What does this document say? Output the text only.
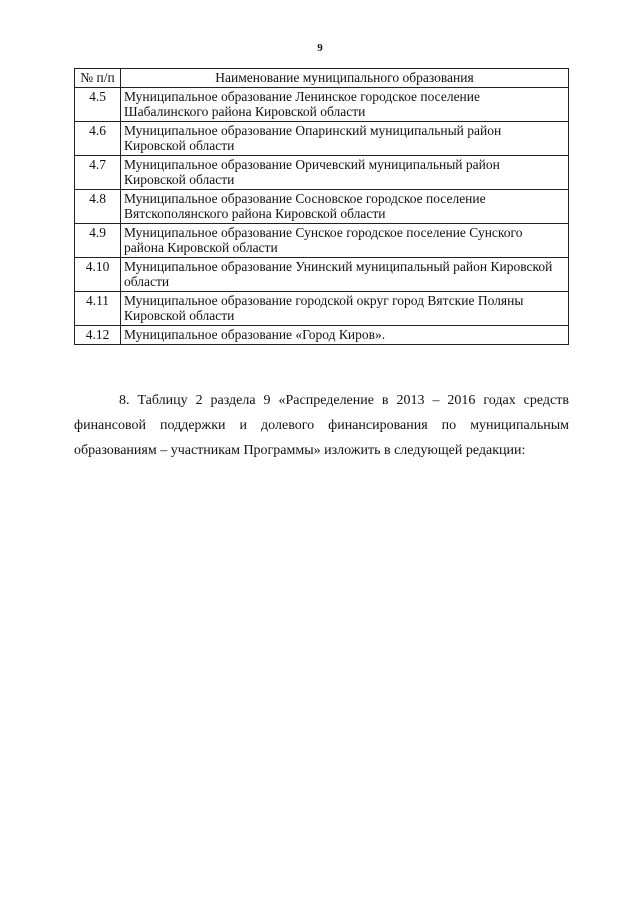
9
№ п/п	Наименование муниципального образования
4.5	Муниципальное образование Ленинское городское поселение Шабалинского района Кировской области
4.6	Муниципальное образование Опаринский муниципальный район Кировской области
4.7	Муниципальное образование Оричевский муниципальный район Кировской области
4.8	Муниципальное образование Сосновское городское поселение Вятскополянского района Кировской области
4.9	Муниципальное образование Сунское городское поселение Сунского района Кировской области
4.10	Муниципальное образование Унинский муниципальный район Кировской области
4.11	Муниципальное образование городской округ город Вятские Поляны Кировской области
4.12	Муниципальное образование «Город Киров».

8. Таблицу 2 раздела 9 «Распределение в 2013 – 2016 годах средств финансовой поддержки и долевого финансирования по муниципальным образованиям – участникам Программы» изложить в следующей редакции:
